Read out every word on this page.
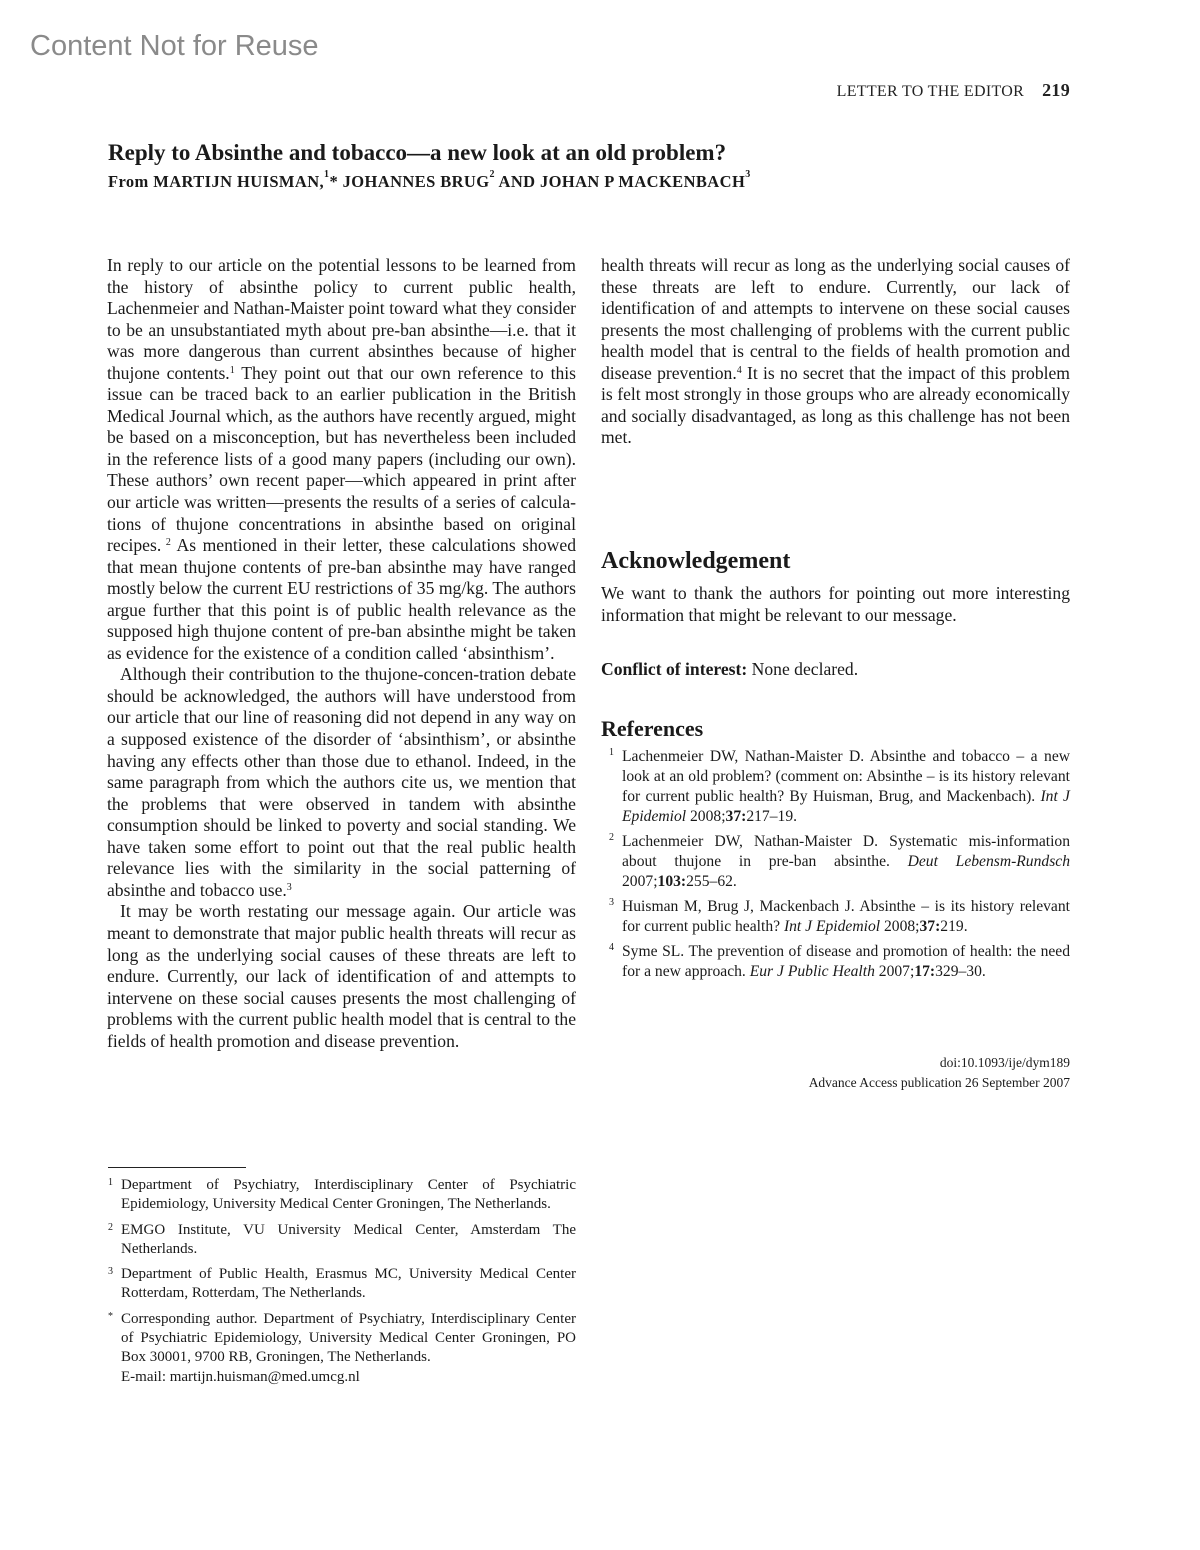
Content Not for Reuse
LETTER TO THE EDITOR 219
Reply to Absinthe and tobacco—a new look at an old problem?
From MARTIJN HUISMAN,$^1$* JOHANNES BRUG$^2$ AND JOHAN P MACKENBACH$^3$

In reply to our article on the potential lessons to be learned from the history of absinthe policy to current public health, Lachenmeier and Nathan-Maister point toward what they consider to be an unsubstantiated myth about pre-ban absinthe—i.e. that it was more dangerous than current absinthes because of higher thujone contents.$^1$ They point out that our own reference to this issue can be traced back to an earlier publication in the British Medical Journal which, as the authors have recently argued, might be based on a misconception, but has nevertheless been included in the reference lists of a good many papers (including our own). These authors’ own recent paper—which appeared in print after our article was written—presents the results of a series of calcula-tions of thujone concentrations in absinthe based on original recipes. $^2$ As mentioned in their letter, these calculations showed that mean thujone contents of pre-ban absinthe may have ranged mostly below the current EU restrictions of 35 mg/kg. The authors argue further that this point is of public health relevance as the supposed high thujone content of pre-ban absinthe might be taken as evidence for the existence of a condition called ‘absinthism’.

Although their contribution to the thujone-concen-tration debate should be acknowledged, the authors will have understood from our article that our line of reasoning did not depend in any way on a supposed existence of the disorder of ‘absinthism’, or absinthe having any effects other than those due to ethanol. Indeed, in the same paragraph from which the authors cite us, we mention that the problems that were observed in tandem with absinthe consumption should be linked to poverty and social standing. We have taken some effort to point out that the real public health relevance lies with the similarity in the social patterning of absinthe and tobacco use.$^3$

It may be worth restating our message again. Our article was meant to demonstrate that major public health threats will recur as long as the underlying social causes of these threats are left to endure. Currently, our lack of identification of and attempts to intervene on these social causes presents the most challenging of problems with the current public health model that is central to the fields of health promotion and disease prevention.

health threats will recur as long as the underlying social causes of these threats are left to endure. Currently, our lack of identification of and attempts to intervene on these social causes presents the most challenging of problems with the current public health model that is central to the fields of health promotion and disease prevention.$^4$ It is no secret that the impact of this problem is felt most strongly in those groups who are already economically and socially disadvantaged, as long as this challenge has not been met.

Acknowledgement
We want to thank the authors for pointing out more interesting information that might be relevant to our message.
Conflict of interest: None declared.
References
1 Lachenmeier DW, Nathan-Maister D. Absinthe and tobacco – a new look at an old problem? (comment on: Absinthe – is its history relevant for current public health? By Huisman, Brug, and Mackenbach). Int J Epidemiol 2008;37:217–19.
2 Lachenmeier DW, Nathan-Maister D. Systematic mis-information about thujone in pre-ban absinthe. Deut Lebensm-Rundsch 2007;103:255–62.
3 Huisman M, Brug J, Mackenbach J. Absinthe – is its history relevant for current public health? Int J Epidemiol 2008;37:219.
4 Syme SL. The prevention of disease and promotion of health: the need for a new approach. Eur J Public Health 2007;17:329–30.
doi:10.1093/ije/dym189
Advance Access publication 26 September 2007
1 Department of Psychiatry, Interdisciplinary Center of Psychiatric Epidemiology, University Medical Center Groningen, The Netherlands.
2 EMGO Institute, VU University Medical Center, Amsterdam The Netherlands.
3 Department of Public Health, Erasmus MC, University Medical Center Rotterdam, Rotterdam, The Netherlands.
* Corresponding author. Department of Psychiatry, Interdisciplinary Center of Psychiatric Epidemiology, University Medical Center Groningen, PO Box 30001, 9700 RB, Groningen, The Netherlands.
E-mail: martijn.huisman@med.umcg.nl
